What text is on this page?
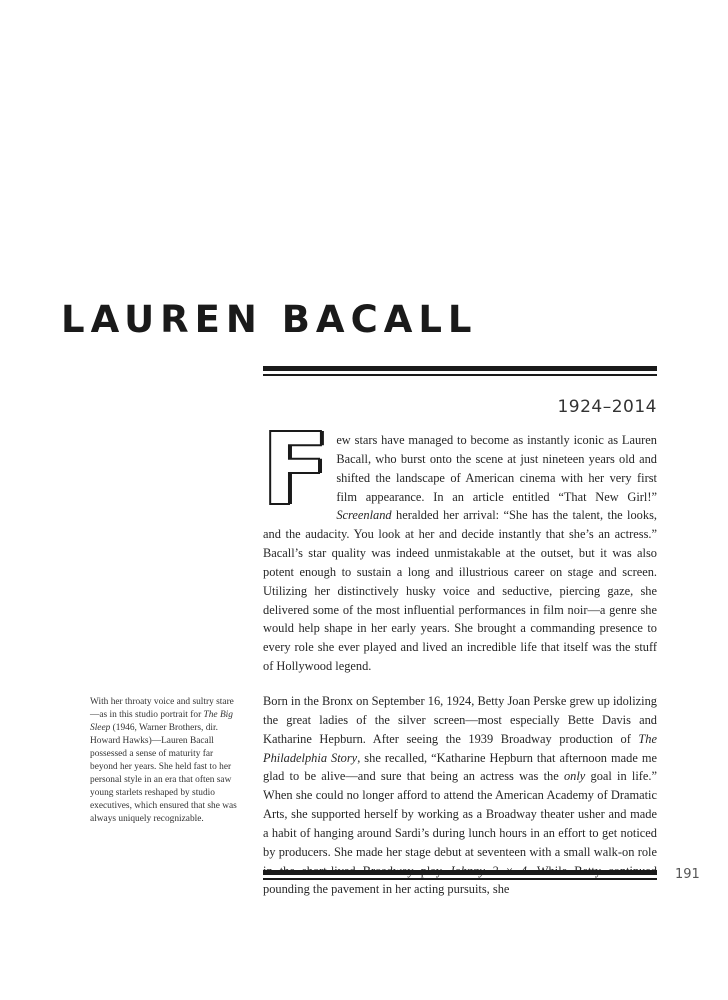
LAUREN BACALL
1924–2014

Few stars have managed to become as instantly iconic as Lauren Bacall, who burst onto the scene at just nineteen years old and shifted the landscape of American cinema with her very first film appearance. In an article entitled “That New Girl!” Screenland heralded her arrival: “She has the talent, the looks, and the audacity. You look at her and decide instantly that she’s an actress.” Bacall’s star quality was indeed unmistakable at the outset, but it was also potent enough to sustain a long and illustrious career on stage and screen. Utilizing her distinctively husky voice and seductive, piercing gaze, she delivered some of the most influential performances in film noir—a genre she would help shape in her early years. She brought a commanding presence to every role she ever played and lived an incredible life that itself was the stuff of Hollywood legend.

Born in the Bronx on September 16, 1924, Betty Joan Perske grew up idolizing the great ladies of the silver screen—most especially Bette Davis and Katharine Hepburn. After seeing the 1939 Broadway production of The Philadelphia Story, she recalled, “Katharine Hepburn that afternoon made me glad to be alive—and sure that being an actress was the only goal in life.” When she could no longer afford to attend the American Academy of Dramatic Arts, she supported herself by working as a Broadway theater usher and made a habit of hanging around Sardi’s during lunch hours in an effort to get noticed by producers. She made her stage debut at seventeen with a small walk-on role pounding the pavement in her acting pursuits, she

With her throaty voice and sultry stare—as in this studio portrait for The Big Sleep (1946, Warner Brothers, dir. Howard Hawks)—Lauren Bacall possessed a sense of maturity far beyond her years. She held fast to her personal style in an era that often saw young starlets reshaped by studio executives, which ensured that she was always uniquely recognizable.

191
